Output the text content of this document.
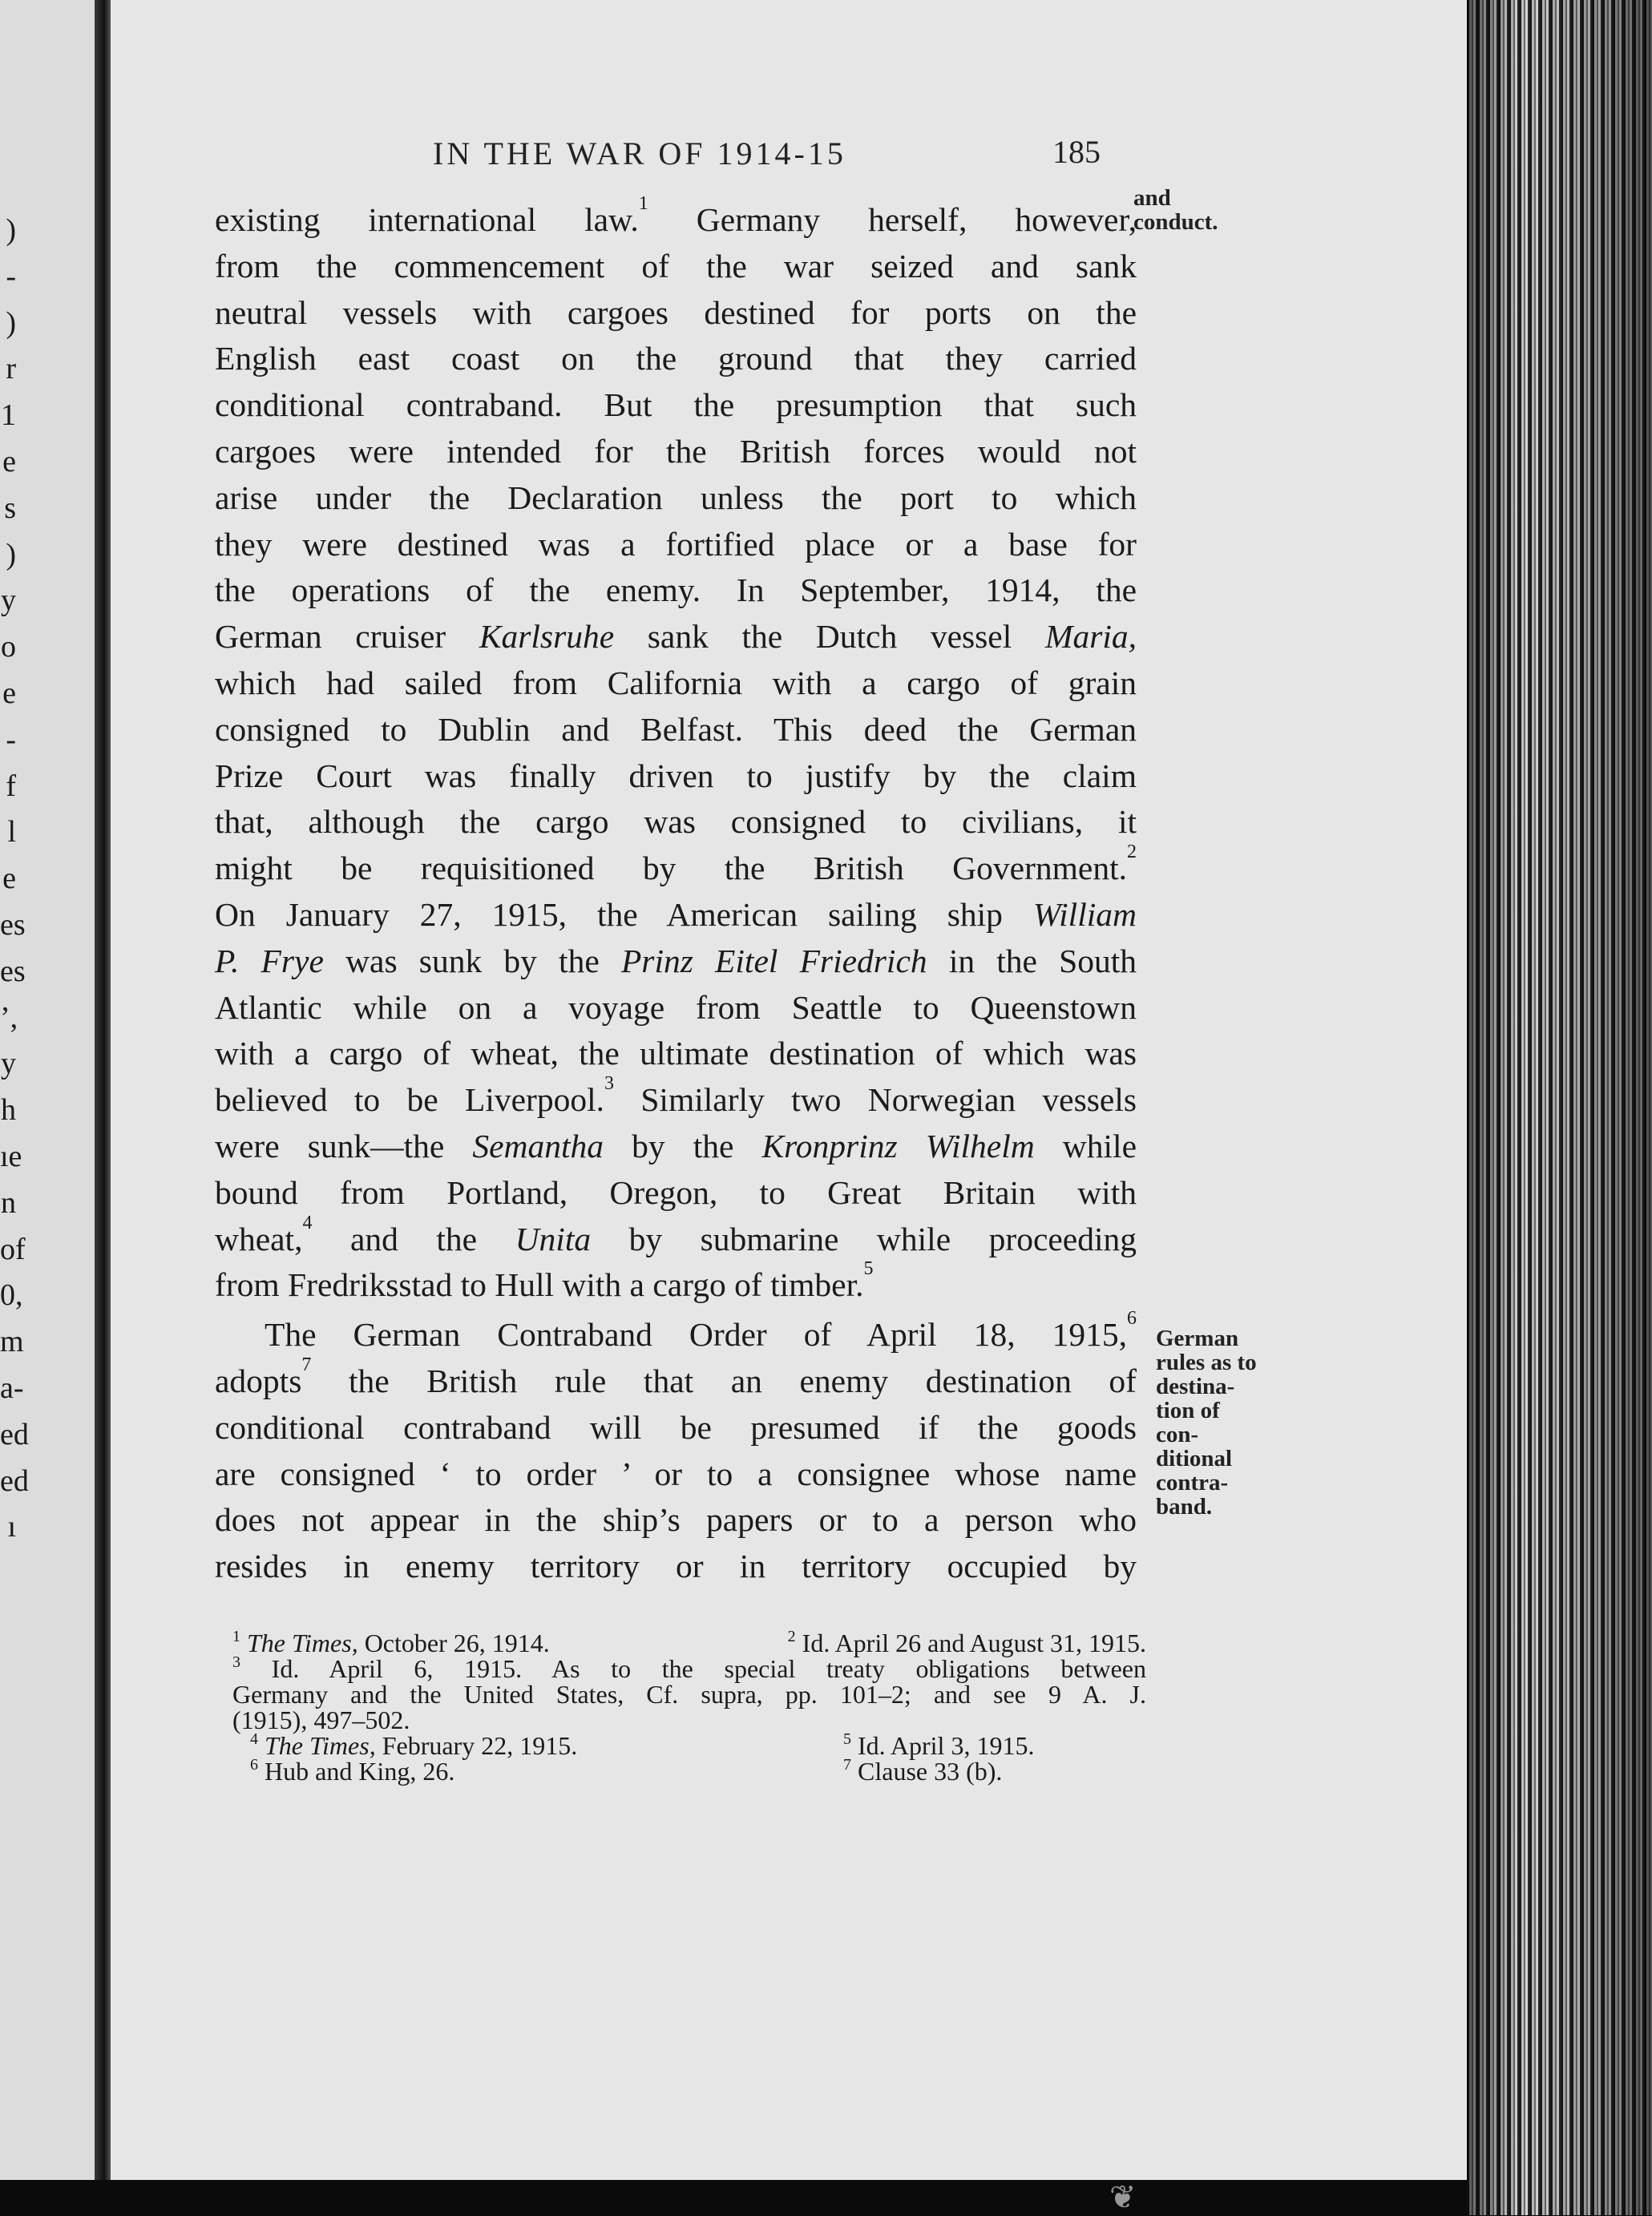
)
-
)
r
1
e
s
)
y
o
e
-
f
l
e
es
es
’,
y
h
ıe
n
of
0,
m
a-
ed
ed
ı
❦
IN THE WAR OF 1914-15	185
and
conduct.
German
rules as to
destina-
tion of
con-
ditional
contra-
band.
existing international law.$^1$ Germany herself, however,
from the commencement of the war seized and sank
neutral vessels with cargoes destined for ports on the
English east coast on the ground that they carried
conditional contraband. But the presumption that such
cargoes were intended for the British forces would not
arise under the Declaration unless the port to which
they were destined was a fortified place or a base for
the operations of the enemy. In September, 1914, the
German cruiser Karlsruhe sank the Dutch vessel Maria,
which had sailed from California with a cargo of grain
consigned to Dublin and Belfast. This deed the German
Prize Court was finally driven to justify by the claim
that, although the cargo was consigned to civilians, it
might be requisitioned by the British Government.$^2$
On January 27, 1915, the American sailing ship William
P. Frye was sunk by the Prinz Eitel Friedrich in the South
Atlantic while on a voyage from Seattle to Queenstown
with a cargo of wheat, the ultimate destination of which was
believed to be Liverpool.$^3$ Similarly two Norwegian vessels
were sunk—the Semantha by the Kronprinz Wilhelm while
bound from Portland, Oregon, to Great Britain with
wheat,$^4$ and the Unita by submarine while proceeding
from Fredriksstad to Hull with a cargo of timber.$^5$
The German Contraband Order of April 18, 1915,$^6$
adopts$^7$ the British rule that an enemy destination of
conditional contraband will be presumed if the goods
are consigned ‘ to order ’ or to a consignee whose name
does not appear in the ship’s papers or to a person who
resides in enemy territory or in territory occupied by
$^1$ The Times, October 26, 1914.	$^2$ Id. April 26 and August 31, 1915.
$^3$ Id. April 6, 1915. As to the special treaty obligations between
Germany and the United States, Cf. supra, pp. 101–2; and see 9 A. J.
(1915), 497–502.
$^4$ The Times, February 22, 1915.	$^5$ Id. April 3, 1915.
$^6$ Hub and King, 26.	$^7$ Clause 33 (b).
